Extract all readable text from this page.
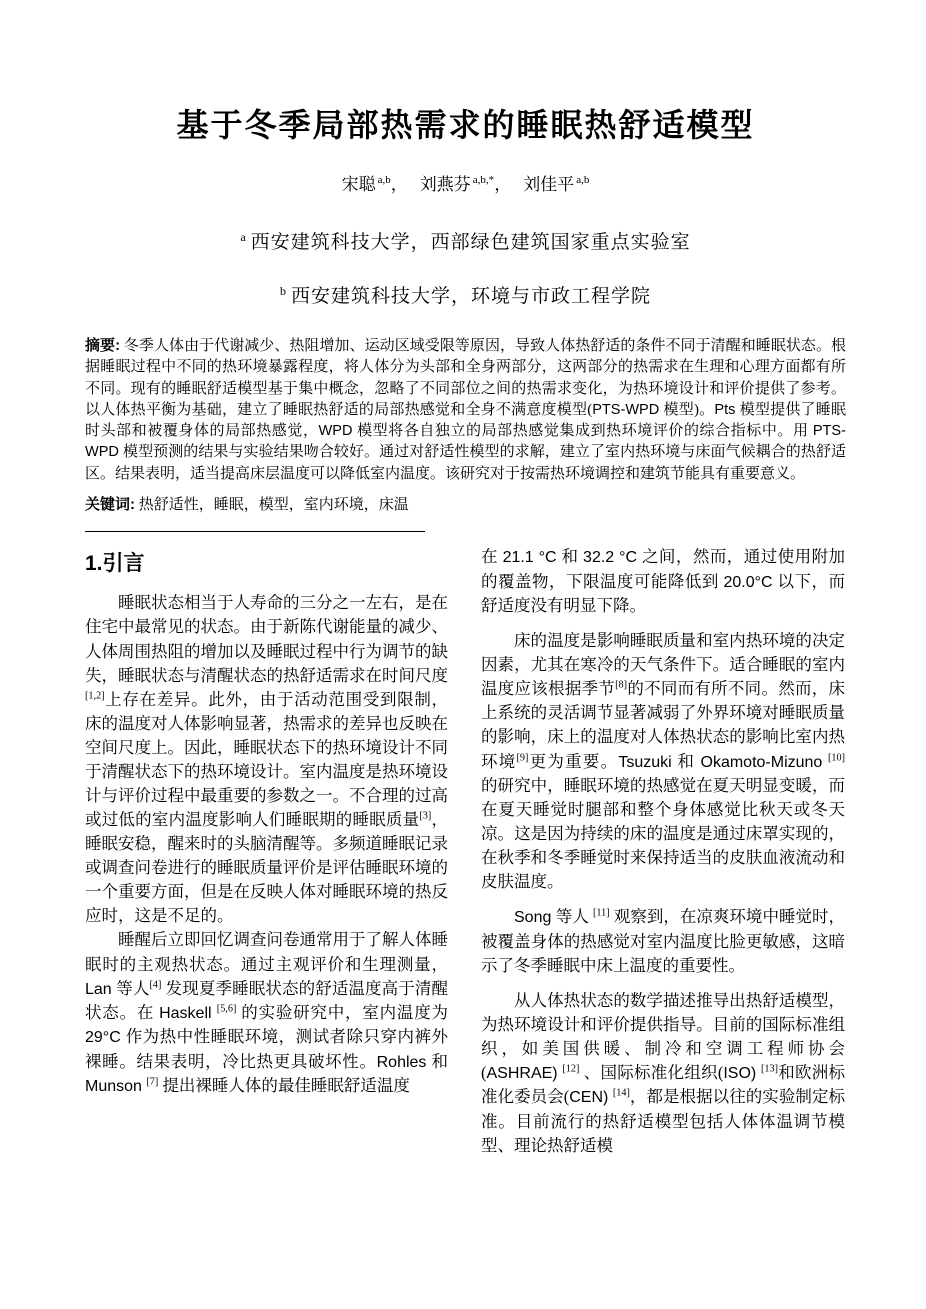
基于冬季局部热需求的睡眠热舒适模型

宋聪 $^{a,b}$， 刘燕芬 $^{a,b,*}$， 刘佳平 $^{a,b}$

$^a$ 西安建筑科技大学，西部绿色建筑国家重点实验室

$^b$ 西安建筑科技大学，环境与市政工程学院

摘要: 冬季人体由于代谢减少、热阻增加、运动区域受限等原因，导致人体热舒适的条件不同于清醒和睡眠状态。根据睡眠过程中不同的热环境暴露程度，将人体分为头部和全身两部分，这两部分的热需求在生理和心理方面都有所不同。现有的睡眠舒适模型基于集中概念，忽略了不同部位之间的热需求变化，为热环境设计和评价提供了参考。以人体热平衡为基础，建立了睡眠热舒适的局部热感觉和全身不满意度模型(PTS-WPD 模型)。Pts 模型提供了睡眠时头部和被覆身体的局部热感觉，WPD 模型将各自独立的局部热感觉集成到热环境评价的综合指标中。用 PTS-WPD 模型预测的结果与实验结果吻合较好。通过对舒适性模型的求解，建立了室内热环境与床面气候耦合的热舒适区。结果表明，适当提高床层温度可以降低室内温度。该研究对于按需热环境调控和建筑节能具有重要意义。

关键词: 热舒适性，睡眠，模型，室内环境，床温

1.引言

睡眠状态相当于人寿命的三分之一左右，是在住宅中最常见的状态。由于新陈代谢能量的减少、人体周围热阻的增加以及睡眠过程中行为调节的缺失，睡眠状态与清醒状态的热舒适需求在时间尺度[1,2]上存在差异。此外，由于活动范围受到限制，床的温度对人体影响显著，热需求的差异也反映在空间尺度上。因此，睡眠状态下的热环境设计不同于清醒状态下的热环境设计。室内温度是热环境设计与评价过程中最重要的参数之一。不合理的过高或过低的室内温度影响人们睡眠期的睡眠质量[3]，睡眠安稳，醒来时的头脑清醒等。多频道睡眠记录或调查问卷进行的睡眠质量评价是评估睡眠环境的一个重要方面，但是在反映人体对睡眠环境的热反应时，这是不足的。

睡醒后立即回忆调查问卷通常用于了解人体睡眠时的主观热状态。通过主观评价和生理测量，Lan 等人[4] 发现夏季睡眠状态的舒适温度高于清醒状态。在 Haskell [5,6] 的实验研究中，室内温度为 29°C 作为热中性睡眠环境，测试者除只穿内裤外裸睡。结果表明，冷比热更具破坏性。Rohles 和 Munson [7] 提出裸睡人体的最佳睡眠舒适温度

在 21.1 °C 和 32.2 °C 之间，然而，通过使用附加的覆盖物，下限温度可能降低到 20.0°C 以下，而舒适度没有明显下降。

床的温度是影响睡眠质量和室内热环境的决定因素，尤其在寒冷的天气条件下。适合睡眠的室内温度应该根据季节[8]的不同而有所不同。然而，床上系统的灵活调节显著减弱了外界环境对睡眠质量的影响，床上的温度对人体热状态的影响比室内热环境[9]更为重要。Tsuzuki 和 Okamoto-Mizuno [10] 的研究中，睡眠环境的热感觉在夏天明显变暖，而在夏天睡觉时腿部和整个身体感觉比秋天或冬天凉。这是因为持续的床的温度是通过床罩实现的，在秋季和冬季睡觉时来保持适当的皮肤血液流动和皮肤温度。

Song 等人 [11] 观察到，在凉爽环境中睡觉时，被覆盖身体的热感觉对室内温度比脸更敏感，这暗示了冬季睡眠中床上温度的重要性。

从人体热状态的数学描述推导出热舒适模型，为热环境设计和评价提供指导。目前的国际标准组织，如美国供暖、制冷和空调工程师协会(ASHRAE) [12] 、国际标准化组织(ISO) [13]和欧洲标准化委员会(CEN) [14]，都是根据以往的实验制定标准。目前流行的热舒适模型包括人体体温调节模型、理论热舒适模
